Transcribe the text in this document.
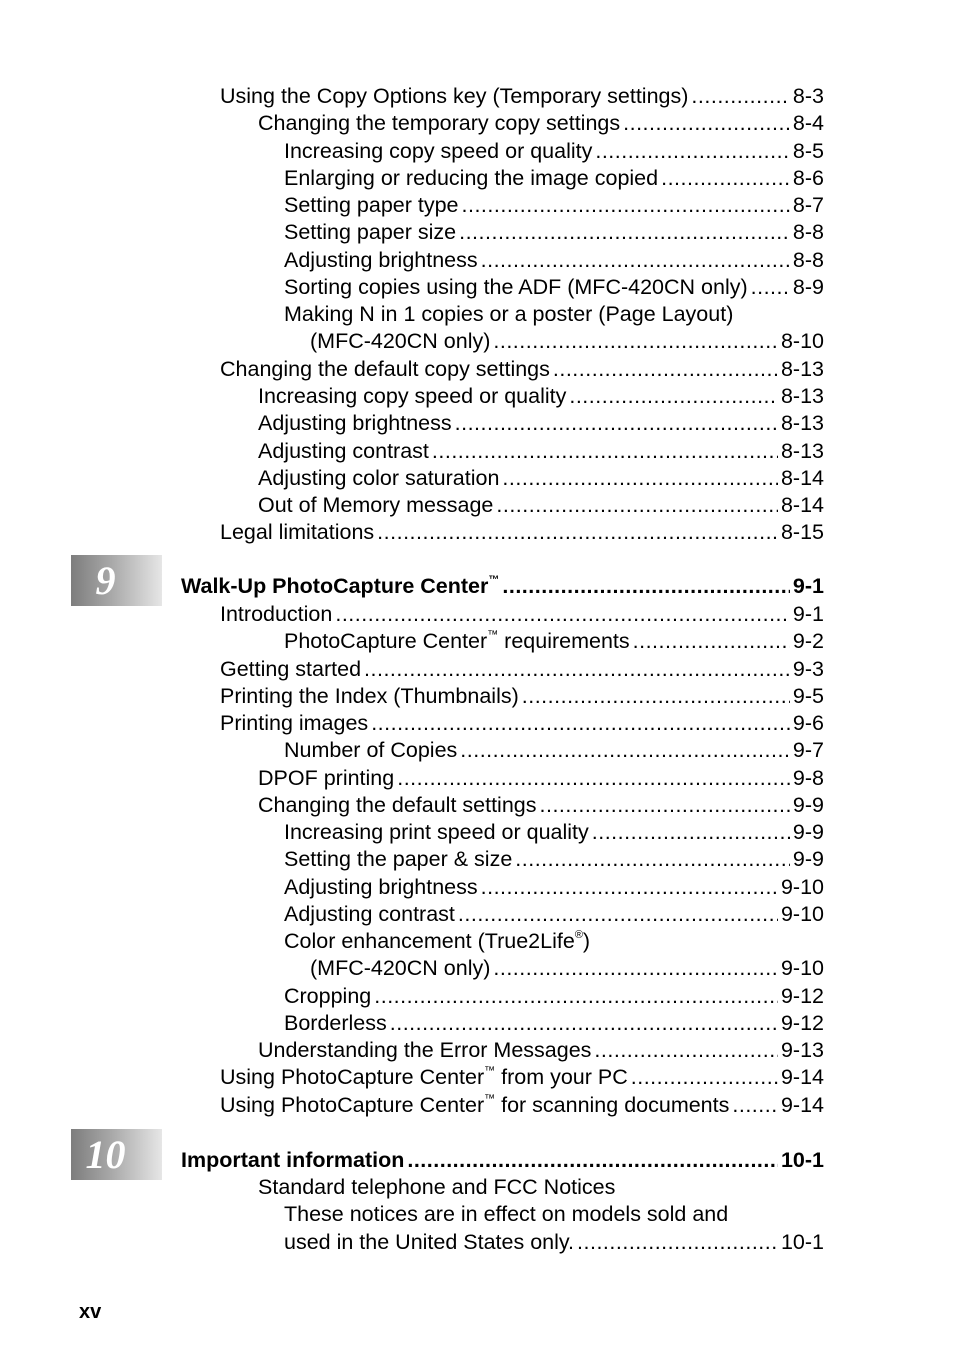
Using the Copy Options key (Temporary settings) .....	8-3
Changing the temporary copy settings .....	8-4
Increasing copy speed or quality .....	8-5
Enlarging or reducing the image copied .....	8-6
Setting paper type .....	8-7
Setting paper size .....	8-8
Adjusting brightness .....	8-8
Sorting copies using the ADF (MFC-420CN only) ..... 8-9
Making N in 1 copies or a poster (Page Layout)
(MFC-420CN only) .....	8-10
Changing the default copy settings .....	8-13
Increasing copy speed or quality .....	8-13
Adjusting brightness .....	8-13
Adjusting contrast .....	8-13
Adjusting color saturation .....	8-14
Out of Memory message .....	8-14
Legal limitations .....	8-15
9	Walk-Up PhotoCapture Center™ .....	9-1
Introduction .....	9-1
PhotoCapture Center™ requirements .....	9-2
Getting started .....	9-3
Printing the Index (Thumbnails) .....	9-5
Printing images .....	9-6
Number of Copies .....	9-7
DPOF printing .....	9-8
Changing the default settings .....	9-9
Increasing print speed or quality .....	9-9
Setting the paper & size .....	9-9
Adjusting brightness .....	9-10
Adjusting contrast .....	9-10
Color enhancement (True2Life®)
(MFC-420CN only) .....	9-10
Cropping .....	9-12
Borderless .....	9-12
Understanding the Error Messages .....	9-13
Using PhotoCapture Center™ from your PC .....	9-14
Using PhotoCapture Center™ for scanning documents ..... 9-14
10	Important information .....	10-1
Standard telephone and FCC Notices
These notices are in effect on models sold and
used in the United States only. .....	10-1
xv
